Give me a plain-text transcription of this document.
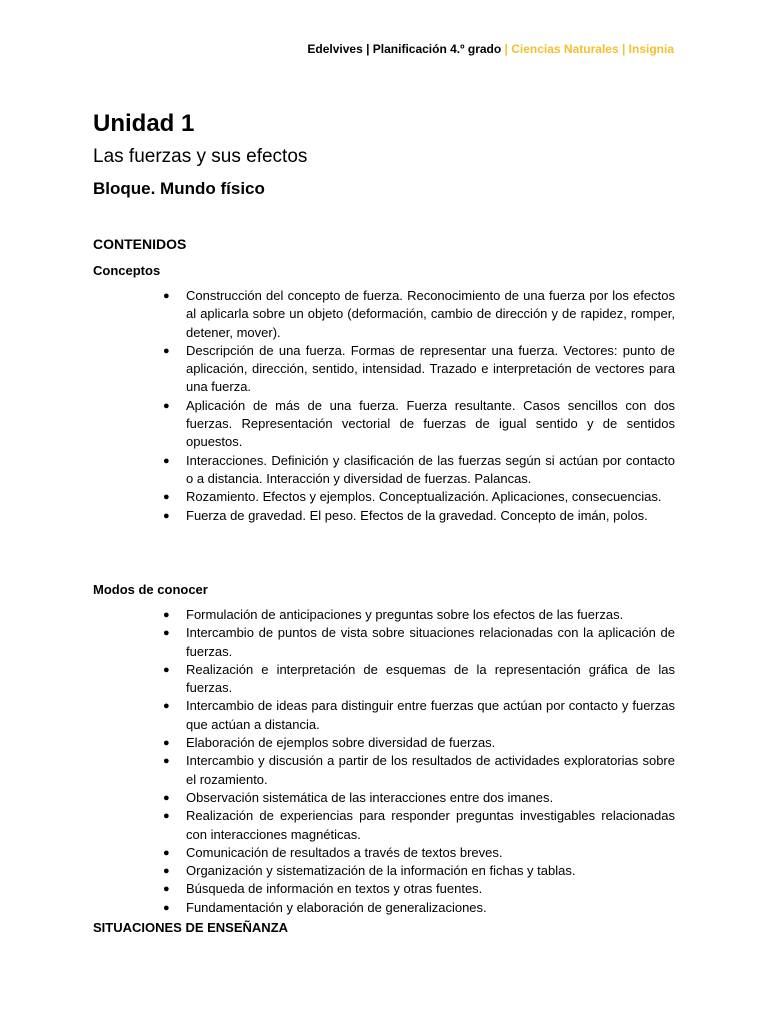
Edelvives | Planificación 4.º grado | Ciencias Naturales | Insignia
Unidad 1
Las fuerzas y sus efectos
Bloque. Mundo físico
CONTENIDOS
Conceptos
● Construcción del concepto de fuerza. Reconocimiento de una fuerza por los efectos al aplicarla sobre un objeto (deformación, cambio de dirección y de rapidez, romper, detener, mover).
● Descripción de una fuerza. Formas de representar una fuerza. Vectores: punto de aplicación, dirección, sentido, intensidad. Trazado e interpretación de vectores para una fuerza.
● Aplicación de más de una fuerza. Fuerza resultante. Casos sencillos con dos fuerzas. Representación vectorial de fuerzas de igual sentido y de sentidos opuestos.
● Interacciones. Definición y clasificación de las fuerzas según si actúan por contacto o a distancia. Interacción y diversidad de fuerzas. Palancas.
● Rozamiento. Efectos y ejemplos. Conceptualización. Aplicaciones, consecuencias.
● Fuerza de gravedad. El peso. Efectos de la gravedad. Concepto de imán, polos.
Modos de conocer
● Formulación de anticipaciones y preguntas sobre los efectos de las fuerzas.
● Intercambio de puntos de vista sobre situaciones relacionadas con la aplicación de fuerzas.
● Realización e interpretación de esquemas de la representación gráfica de las fuerzas.
● Intercambio de ideas para distinguir entre fuerzas que actúan por contacto y fuerzas que actúan a distancia.
● Elaboración de ejemplos sobre diversidad de fuerzas.
● Intercambio y discusión a partir de los resultados de actividades exploratorias sobre el rozamiento.
● Observación sistemática de las interacciones entre dos imanes.
● Realización de experiencias para responder preguntas investigables relacionadas con interacciones magnéticas.
● Comunicación de resultados a través de textos breves.
● Organización y sistematización de la información en fichas y tablas.
● Búsqueda de información en textos y otras fuentes.
● Fundamentación y elaboración de generalizaciones.
SITUACIONES DE ENSEÑANZA
